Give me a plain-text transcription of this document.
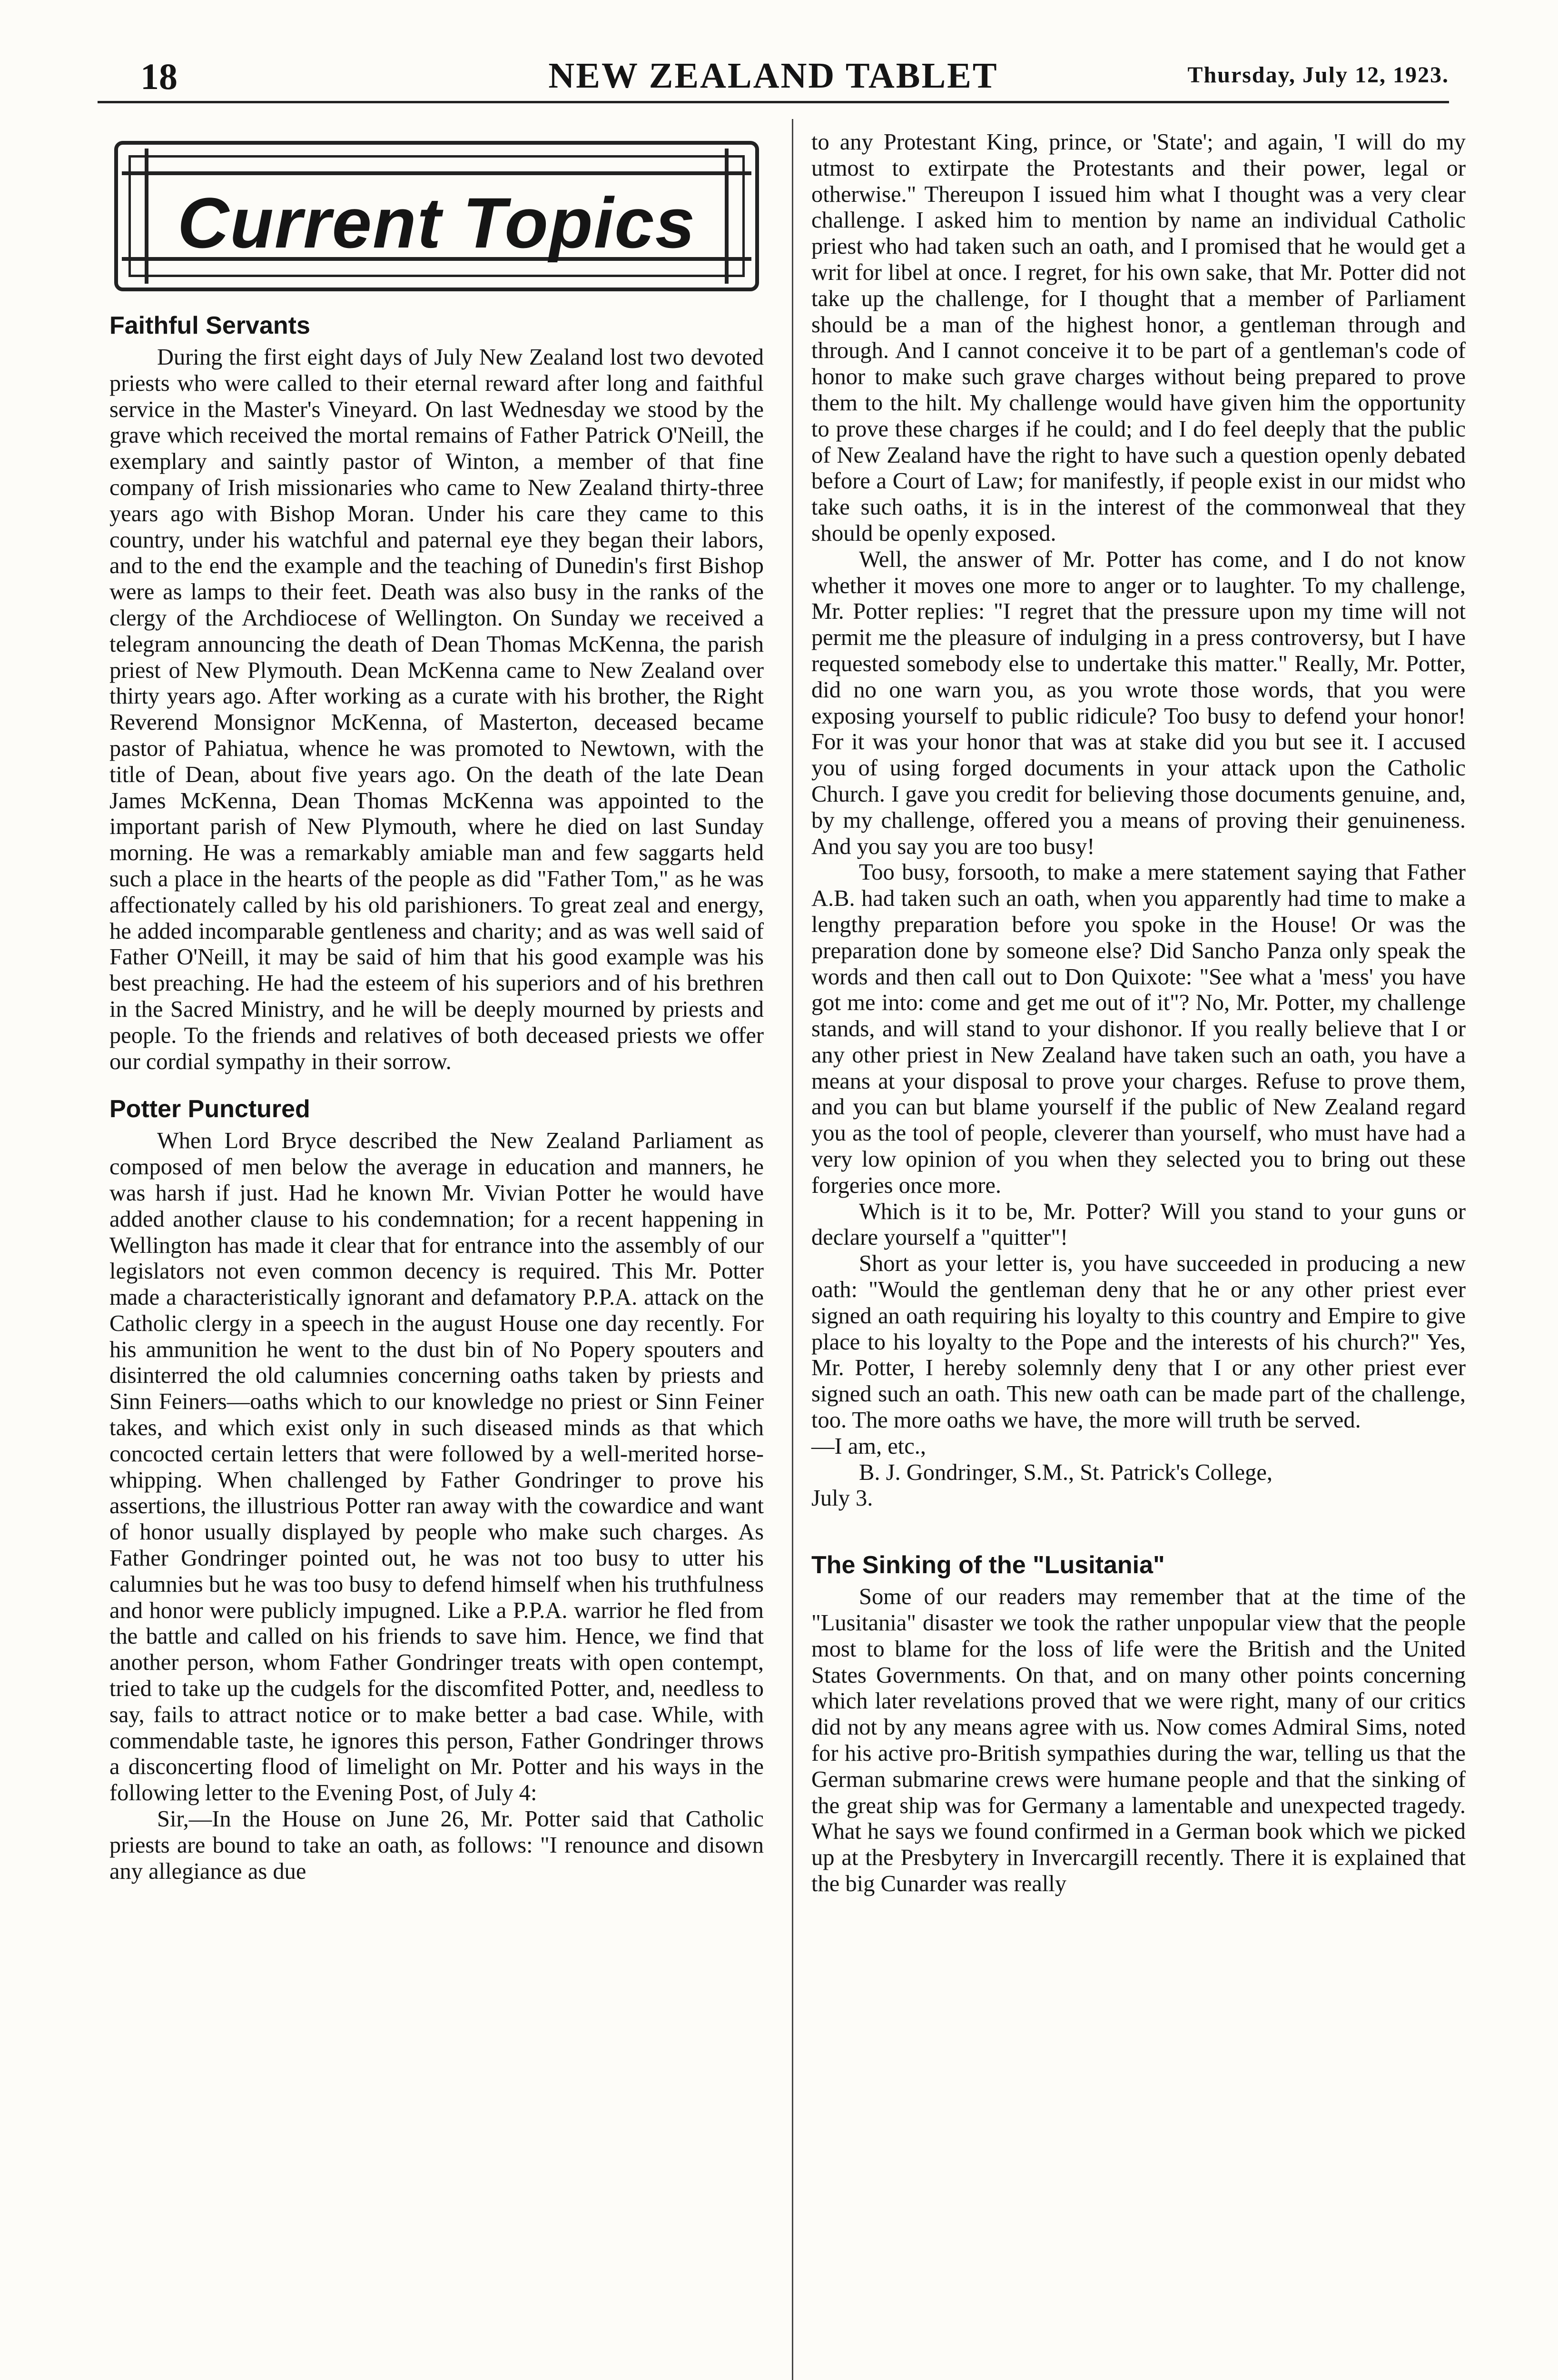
18	NEW ZEALAND TABLET	Thursday, July 12, 1923.
Current Topics
Faithful Servants

During the first eight days of July New Zealand lost two devoted priests who were called to their eternal reward after long and faithful service in the Master's Vineyard. On last Wednesday we stood by the grave which received the mortal remains of Father Patrick O'Neill, the exemplary and saintly pastor of Winton, a member of that fine company of Irish missionaries who came to New Zealand thirty-three years ago with Bishop Moran. Under his care they came to this country, under his watchful and paternal eye they began their labors, and to the end the example and the teaching of Dunedin's first Bishop were as lamps to their feet. Death was also busy in the ranks of the clergy of the Archdiocese of Wellington. On Sunday we received a telegram announcing the death of Dean Thomas McKenna, the parish priest of New Plymouth. Dean McKenna came to New Zealand over thirty years ago. After working as a curate with his brother, the Right Reverend Monsignor McKenna, of Masterton, deceased became pastor of Pahiatua, whence he was promoted to Newtown, with the title of Dean, about five years ago. On the death of the late Dean James McKenna, Dean Thomas McKenna was appointed to the important parish of New Plymouth, where he died on last Sunday morning. He was a remarkably amiable man and few saggarts held such a place in the hearts of the people as did "Father Tom," as he was affectionately called by his old parishioners. To great zeal and energy, he added incomparable gentleness and charity; and as was well said of Father O'Neill, it may be said of him that his good example was his best preaching. He had the esteem of his superiors and of his brethren in the Sacred Ministry, and he will be deeply mourned by priests and people. To the friends and relatives of both deceased priests we offer our cordial sympathy in their sorrow.

Potter Punctured

When Lord Bryce described the New Zealand Parliament as composed of men below the average in education and manners, he was harsh if just. Had he known Mr. Vivian Potter he would have added another clause to his condemnation; for a recent happening in Wellington has made it clear that for entrance into the assembly of our legislators not even common decency is required. This Mr. Potter made a characteristically ignorant and defamatory P.P.A. attack on the Catholic clergy in a speech in the august House one day recently. For his ammunition he went to the dust bin of No Popery spouters and disinterred the old calumnies concerning oaths taken by priests and Sinn Feiners—oaths which to our knowledge no priest or Sinn Feiner takes, and which exist only in such diseased minds as that which concocted certain letters that were followed by a well-merited horse-whipping. When challenged by Father Gondringer to prove his assertions, the illustrious Potter ran away with the cowardice and want of honor usually displayed by people who make such charges. As Father Gondringer pointed out, he was not too busy to utter his calumnies but he was too busy to defend himself when his truthfulness and honor were publicly impugned. Like a P.P.A. warrior he fled from the battle and called on his friends to save him. Hence, we find that another person, whom Father Gondringer treats with open contempt, tried to take up the cudgels for the discomfited Potter, and, needless to say, fails to attract notice or to make better a bad case. While, with commendable taste, he ignores this person, Father Gondringer throws a disconcerting flood of limelight on Mr. Potter and his ways in the following letter to the Evening Post, of July 4:

Sir,—In the House on June 26, Mr. Potter said that Catholic priests are bound to take an oath, as follows: "I renounce and disown any allegiance as due

to any Protestant King, prince, or 'State'; and again, 'I will do my utmost to extirpate the Protestants and their power, legal or otherwise." Thereupon I issued him what I thought was a very clear challenge. I asked him to mention by name an individual Catholic priest who had taken such an oath, and I promised that he would get a writ for libel at once. I regret, for his own sake, that Mr. Potter did not take up the challenge, for I thought that a member of Parliament should be a man of the highest honor, a gentleman through and through. And I cannot conceive it to be part of a gentleman's code of honor to make such grave charges without being prepared to prove them to the hilt. My challenge would have given him the opportunity to prove these charges if he could; and I do feel deeply that the public of New Zealand have the right to have such a question openly debated before a Court of Law; for manifestly, if people exist in our midst who take such oaths, it is in the interest of the commonweal that they should be openly exposed.

Well, the answer of Mr. Potter has come, and I do not know whether it moves one more to anger or to laughter. To my challenge, Mr. Potter replies: "I regret that the pressure upon my time will not permit me the pleasure of indulging in a press controversy, but I have requested somebody else to undertake this matter." Really, Mr. Potter, did no one warn you, as you wrote those words, that you were exposing yourself to public ridicule? Too busy to defend your honor! For it was your honor that was at stake did you but see it. I accused you of using forged documents in your attack upon the Catholic Church. I gave you credit for believing those documents genuine, and, by my challenge, offered you a means of proving their genuineness. And you say you are too busy!

Too busy, forsooth, to make a mere statement saying that Father A.B. had taken such an oath, when you apparently had time to make a lengthy preparation before you spoke in the House! Or was the preparation done by someone else? Did Sancho Panza only speak the words and then call out to Don Quixote: "See what a 'mess' you have got me into: come and get me out of it"? No, Mr. Potter, my challenge stands, and will stand to your dishonor. If you really believe that I or any other priest in New Zealand have taken such an oath, you have a means at your disposal to prove your charges. Refuse to prove them, and you can but blame yourself if the public of New Zealand regard you as the tool of people, cleverer than yourself, who must have had a very low opinion of you when they selected you to bring out these forgeries once more.

Which is it to be, Mr. Potter? Will you stand to your guns or declare yourself a "quitter"!

Short as your letter is, you have succeeded in producing a new oath: "Would the gentleman deny that he or any other priest ever signed an oath requiring his loyalty to this country and Empire to give place to his loyalty to the Pope and the interests of his church?" Yes, Mr. Potter, I hereby solemnly deny that I or any other priest ever signed such an oath. This new oath can be made part of the challenge, too. The more oaths we have, the more will truth be served.

—I am, etc.,

B. J. Gondringer, S.M., St. Patrick's College,

July 3.

The Sinking of the "Lusitania"

Some of our readers may remember that at the time of the "Lusitania" disaster we took the rather unpopular view that the people most to blame for the loss of life were the British and the United States Governments. On that, and on many other points concerning which later revelations proved that we were right, many of our critics did not by any means agree with us. Now comes Admiral Sims, noted for his active pro-British sympathies during the war, telling us that the German submarine crews were humane people and that the sinking of the great ship was for Germany a lamentable and unexpected tragedy. What he says we found confirmed in a German book which we picked up at the Presbytery in Invercargill recently. There it is explained that the big Cunarder was really
